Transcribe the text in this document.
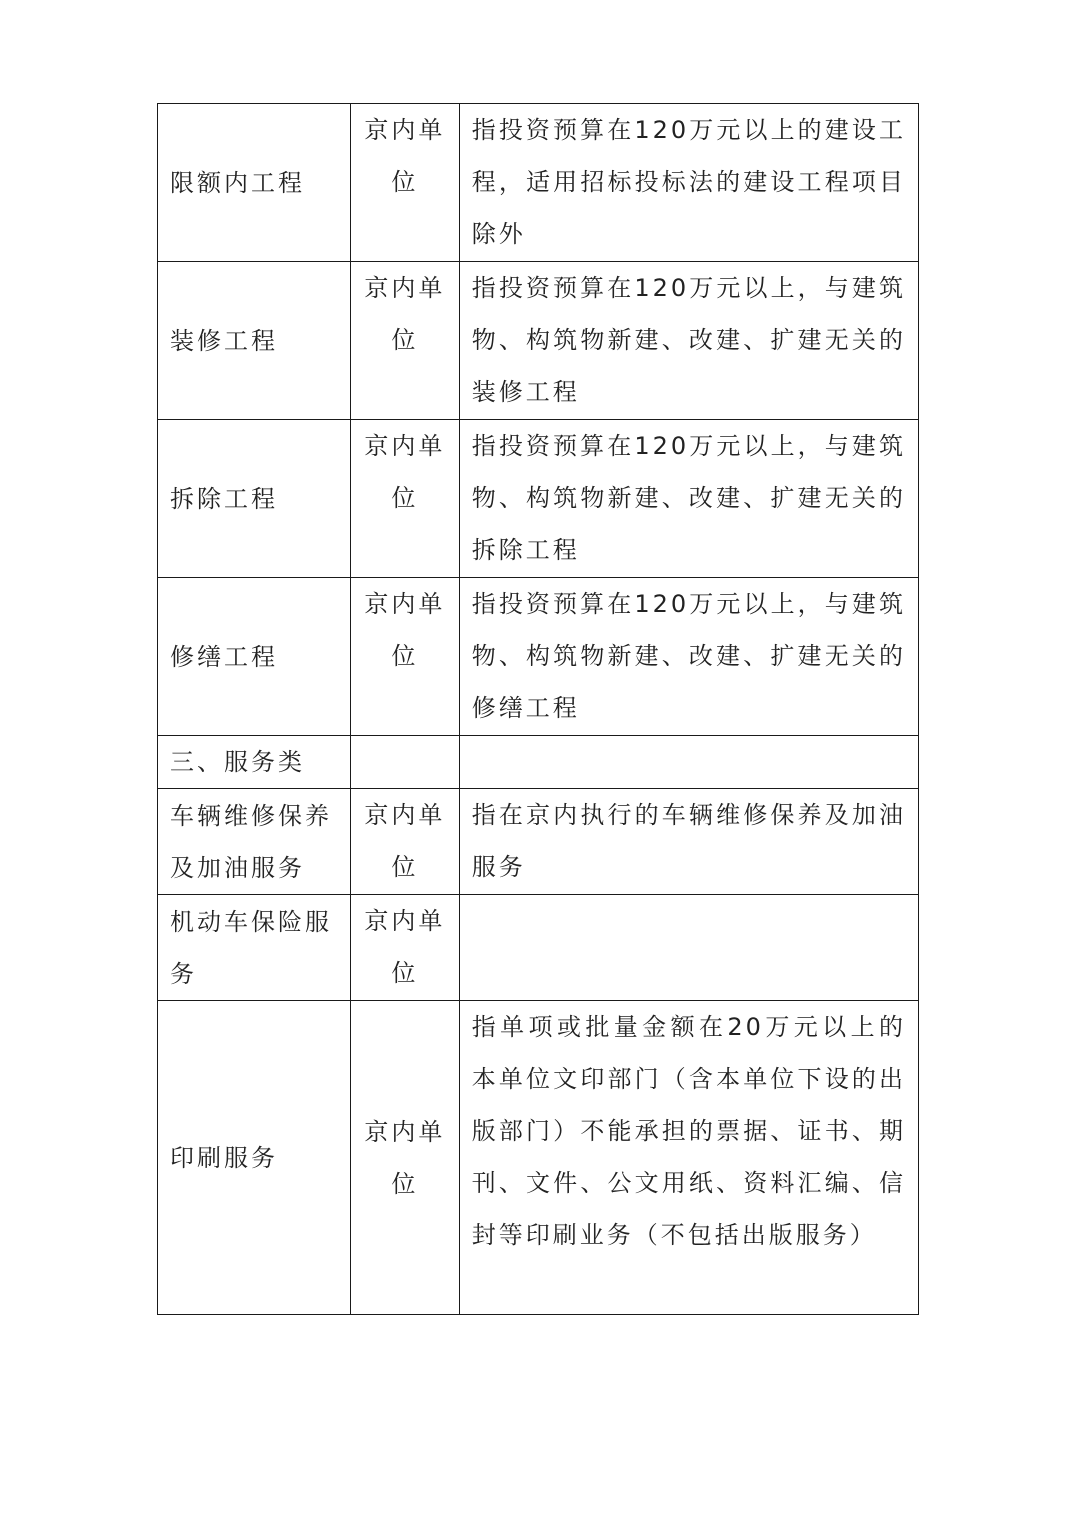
限额内工程	京内单位	指投资预算在120万元以上的建设工程，适用招标投标法的建设工程项目除外
装修工程	京内单位	指投资预算在120万元以上，与建筑物、构筑物新建、改建、扩建无关的装修工程
拆除工程	京内单位	指投资预算在120万元以上，与建筑物、构筑物新建、改建、扩建无关的拆除工程
修缮工程	京内单位	指投资预算在120万元以上，与建筑物、构筑物新建、改建、扩建无关的修缮工程
三、服务类		
车辆维修保养及加油服务	京内单位	指在京内执行的车辆维修保养及加油服务
机动车保险服务	京内单位	
印刷服务	京内单位	指单项或批量金额在20万元以上的本单位文印部门（含本单位下设的出版部门）不能承担的票据、证书、期刊、文件、公文用纸、资料汇编、信封等印刷业务（不包括出版服务）
